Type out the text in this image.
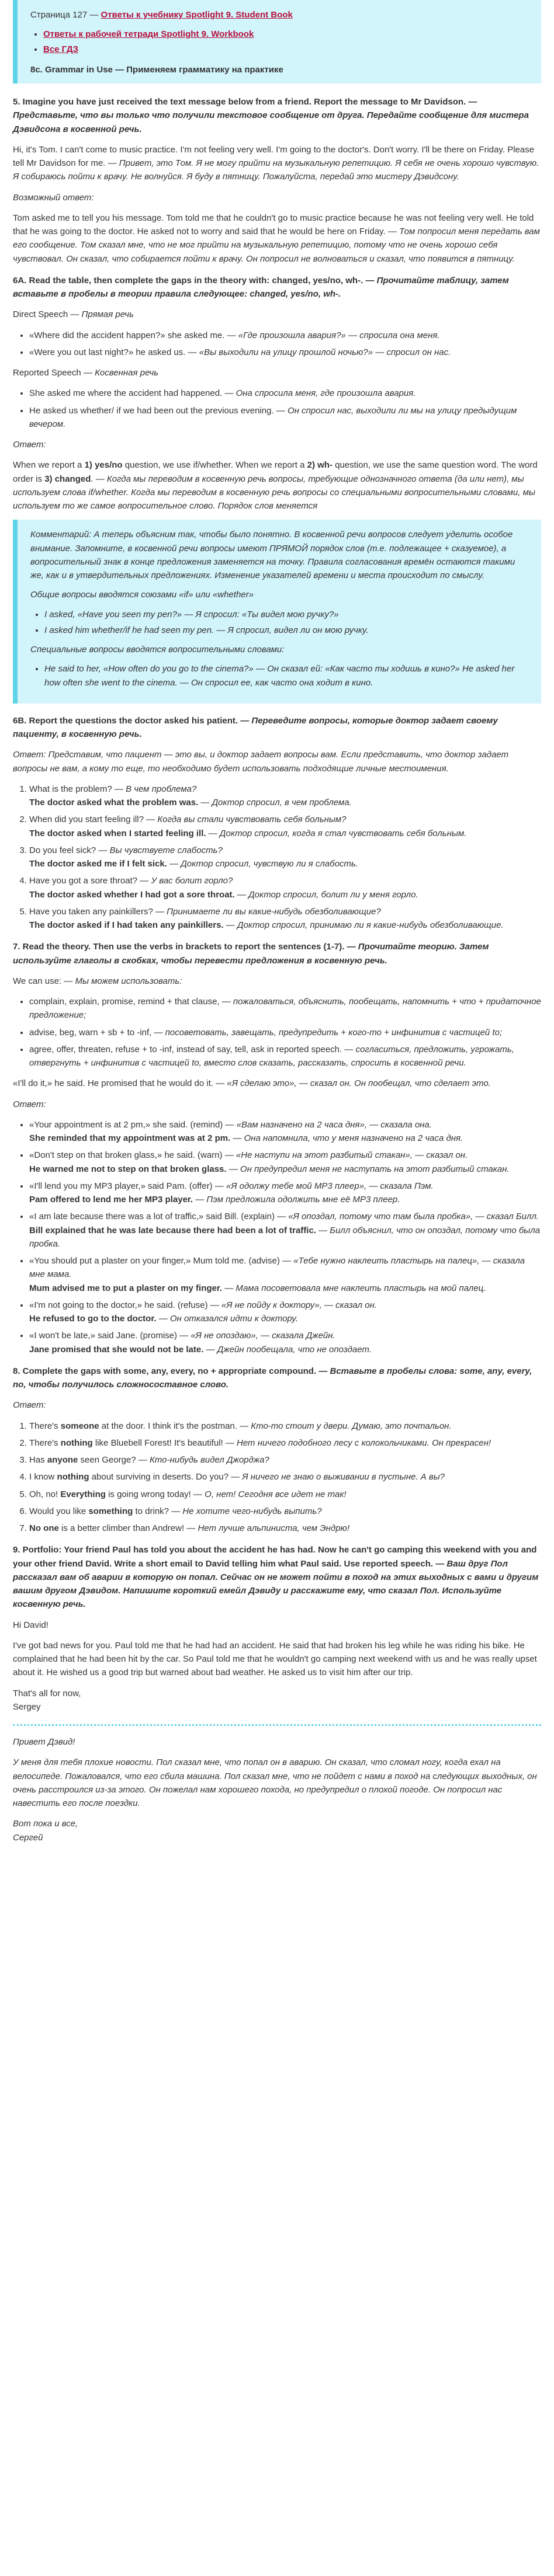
Страница 127 — Ответы к учебнику Spotlight 9. Student Book

• Ответы к рабочей тетради Spotlight 9. Workbook
• Все ГДЗ

8c. Grammar in Use — Применяем грамматику на практике

5. Imagine you have just received the text message below from a friend. Report the message to Mr Davidson. — Представьте, что вы только что получили текстовое сообщение от друга. Передайте сообщение для мистера Дэвидсона в косвенной речь.

Hi, it's Tom. I can't come to music practice. I'm not feeling very well. I'm going to the doctor's. Don't worry. I'll be there on Friday. Please tell Mr Davidson for me. — Привет, это Том. Я не могу прийти на музыкальную репетицию. Я себя не очень хорошо чувствую. Я собираюсь пойти к врачу. Не волнуйся. Я буду в пятницу. Пожалуйста, передай это мистеру Дэвидсону.

Возможный ответ:

Tom asked me to tell you his message. Tom told me that he couldn't go to music practice because he was not feeling very well. He told that he was going to the doctor. He asked not to worry and said that he would be here on Friday. — Том попросил меня передать вам его сообщение. Том сказал мне, что не мог прийти на музыкальную репетицию, потому что не очень хорошо себя чувствовал. Он сказал, что собирается пойти к врачу. Он попросил не волноваться и сказал, что появится в пятницу.

6A. Read the table, then complete the gaps in the theory with: changed, yes/no, wh-. — Прочитайте таблицу, затем вставьте в пробелы в теории правила следующее: changed, yes/no, wh-.

Direct Speech — Прямая речь

• «Where did the accident happen?» she asked me. — «Где произошла авария?» — спросила она меня.
• «Were you out last night?» he asked us. — «Вы выходили на улицу прошлой ночью?» — спросил он нас.

Reported Speech — Косвенная речь

• She asked me where the accident had happened. — Она спросила меня, где произошла авария.
• He asked us whether/ if we had been out the previous evening. — Он спросил нас, выходили ли мы на улицу предыдущим вечером.

Ответ:

When we report a 1) yes/no question, we use if/whether. When we report a 2) wh- question, we use the same question word. The word order is 3) changed. — Когда мы переводим в косвенную речь вопросы, требующие однозначного ответа (да или нет), мы используем слова if/whether. Когда мы переводим в косвенную речь вопросы со специальными вопросительными словами, мы используем то же самое вопросительное слово. Порядок слов меняется

Комментарий: А теперь объясним так, чтобы было понятно. В косвенной речи вопросов следует уделить особое внимание. Запомните, в косвенной речи вопросы имеют ПРЯМОЙ порядок слов (т.е. подлежащее + сказуемое), а вопросительный знак в конце предложения заменяется на точку. Правила согласования времён остаются такими же, как и в утвердительных предложениях. Изменение указателей времени и места происходит по смыслу.

Общие вопросы вводятся союзами «if» или «whether»

• I asked, «Have you seen my pen?» — Я спросил: «Ты видел мою ручку?»
• I asked him whether/if he had seen my pen. — Я спросил, видел ли он мою ручку.

Специальные вопросы вводятся вопросительными словами:

• He said to her, «How often do you go to the cinema?» — Он сказал ей: «Как часто ты ходишь в кино?» He asked her how often she went to the cinema. — Он спросил ее, как часто она ходит в кино.

6B. Report the questions the doctor asked his patient. — Переведите вопросы, которые доктор задает своему пациенту, в косвенную речь.

Ответ: Представим, что пациент — это вы, и доктор задает вопросы вам. Если представить, что доктор задает вопросы не вам, а кому то еще, то необходимо будет использовать подходящие личные местоимения.

1. What is the problem? — В чем проблема?
The doctor asked what the problem was. — Доктор спросил, в чем проблема.
2. When did you start feeling ill? — Когда вы стали чувствовать себя больным?
The doctor asked when I started feeling ill. — Доктор спросил, когда я стал чувствовать себя больным.
3. Do you feel sick? — Вы чувствуете слабость?
The doctor asked me if I felt sick. — Доктор спросил, чувствую ли я слабость.
4. Have you got a sore throat? — У вас болит горло?
The doctor asked whether I had got a sore throat. — Доктор спросил, болит ли у меня горло.
5. Have you taken any painkillers? — Принимаете ли вы какие-нибудь обезболивающие?
The doctor asked if I had taken any painkillers. — Доктор спросил, принимаю ли я какие-нибудь обезболивающие.

7. Read the theory. Then use the verbs in brackets to report the sentences (1-7). — Прочитайте теорию. Затем используйте глаголы в скобках, чтобы перевести предложения в косвенную речь.

We can use: — Мы можем использовать:

• complain, explain, promise, remind + that clause, — пожаловаться, объяснить, пообещать, напомнить + что + придаточное предложение;
• advise, beg, warn + sb + to -inf, — посоветовать, завещать, предупредить + кого-то + инфинитив с частицей to;
• agree, offer, threaten, refuse + to -inf, instead of say, tell, ask in reported speech. — согласиться, предложить, угрожать, отвергнуть + инфинитив с частицей to, вместо слов сказать, рассказать, спросить в косвенной речи.

«I'll do it,» he said. He promised that he would do it. — «Я сделаю это», — сказал он. Он пообещал, что сделает это.

Ответ:

• «Your appointment is at 2 pm,» she said. (remind) — «Вам назначено на 2 часа дня», — сказала она.
She reminded that my appointment was at 2 pm. — Она напомнила, что у меня назначено на 2 часа дня.
• «Don't step on that broken glass,» he said. (warn) — «Не наступи на этот разбитый стакан», — сказал он.
He warned me not to step on that broken glass. — Он предупредил меня не наступать на этот разбитый стакан.
• «I'll lend you my MP3 player,» said Pam. (offer) — «Я одолжу тебе мой MP3 плеер», — сказала Пэм.
Pam offered to lend me her MP3 player. — Пэм предложила одолжить мне её MP3 плеер.
• «I am late because there was a lot of traffic,» said Bill. (explain) — «Я опоздал, потому что там была пробка», — сказал Билл.
Bill explained that he was late because there had been a lot of traffic. — Билл объяснил, что он опоздал, потому что была пробка.
• «You should put a plaster on your finger,» Mum told me. (advise) — «Тебе нужно наклеить пластырь на палец», — сказала мне мама.
Mum advised me to put a plaster on my finger. — Мама посоветовала мне наклеить пластырь на мой палец.
• «I'm not going to the doctor,» he said. (refuse) — «Я не пойду к доктору», — сказал он.
He refused to go to the doctor. — Он отказался идти к доктору.
• «I won't be late,» said Jane. (promise) — «Я не опоздаю», — сказала Джейн.
Jane promised that she would not be late. — Джейн пообещала, что не опоздает.

8. Complete the gaps with some, any, every, no + appropriate compound. — Вставьте в пробелы слова: some, any, every, no, чтобы получилось сложносоставное слово.

Ответ:

1. There's someone at the door. I think it's the postman. — Кто-то стоит у двери. Думаю, это почтальон.
2. There's nothing like Bluebell Forest! It's beautiful! — Нет ничего подобного лесу с колокольчиками. Он прекрасен!
3. Has anyone seen George? — Кто-нибудь видел Джорджа?
4. I know nothing about surviving in deserts. Do you? — Я ничего не знаю о выживании в пустыне. А вы?
5. Oh, no! Everything is going wrong today! — О, нет! Сегодня все идет не так!
6. Would you like something to drink? — Не хотите чего-нибудь выпить?
7. No one is a better climber than Andrew! — Нет лучше альпиниста, чем Эндрю!

9. Portfolio: Your friend Paul has told you about the accident he has had. Now he can't go camping this weekend with you and your other friend David. Write a short email to David telling him what Paul said. Use reported speech. — Ваш друг Пол рассказал вам об аварии в которую он попал. Сейчас он не может пойти в поход на этих выходных с вами и другим вашим другом Дэвидом. Напишите короткий емейл Дэвиду и расскажите ему, что сказал Пол. Используйте косвенную речь.

Hi David!

I've got bad news for you. Paul told me that he had had an accident. He said that had broken his leg while he was riding his bike. He complained that he had been hit by the car. So Paul told me that he wouldn't go camping next weekend with us and he was really upset about it. He wished us a good trip but warned about bad weather. He asked us to visit him after our trip.

That's all for now,
Sergey

Привет Дэвид!

У меня для тебя плохие новости. Пол сказал мне, что попал он в аварию. Он сказал, что сломал ногу, когда ехал на велосипеде. Пожаловался, что его сбила машина. Пол сказал мне, что не пойдет с нами в поход на следующих выходных, он очень расстроился из-за этого. Он пожелал нам хорошего похода, но предупредил о плохой погоде. Он попросил нас навестить его после поездки.

Вот пока и все,
Сергей
